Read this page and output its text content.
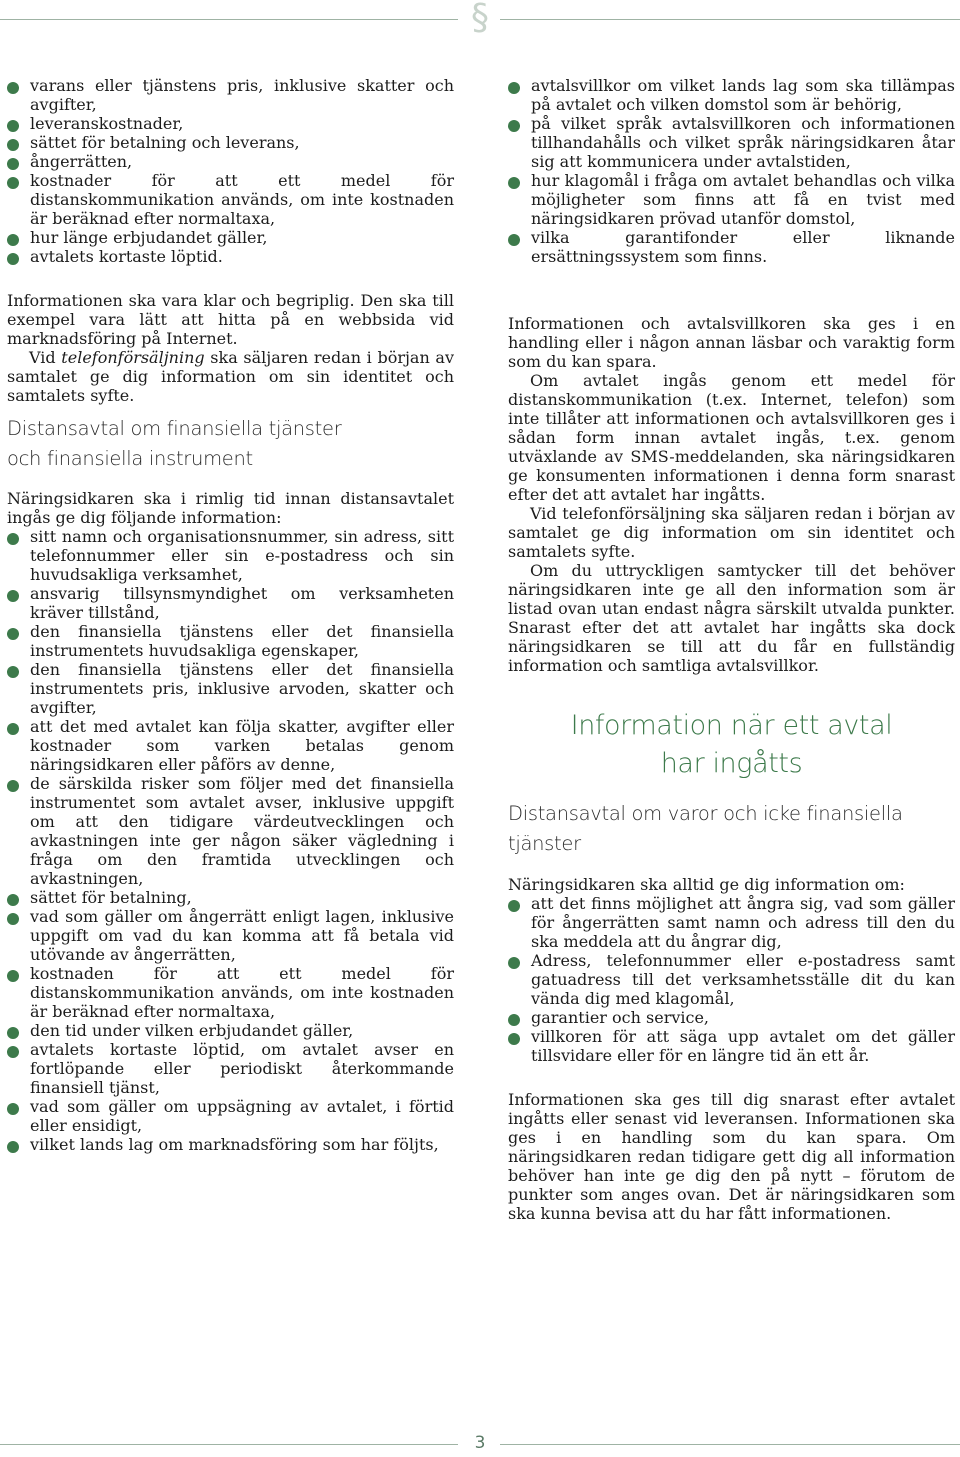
§
varans eller tjänstens pris, inklusive skatter och avgifter,
leveranskostnader,
sättet för betalning och leverans,
ångerrätten,
kostnader för att ett medel för distanskommunikation används, om inte kostnaden är beräknad efter normaltaxa,
hur länge erbjudandet gäller,
avtalets kortaste löptid.

Informationen ska vara klar och begriplig. Den ska till exempel vara lätt att hitta på en webbsida vid marknadsföring på Internet.

Vid telefonförsäljning ska säljaren redan i början av samtalet ge dig information om sin identitet och samtalets syfte.

Distansavtal om finansiella tjänster
och finansiella instrument

Näringsidkaren ska i rimlig tid innan distansavtalet ingås ge dig följande information:

sitt namn och organisationsnummer, sin adress, sitt telefonnummer eller sin e-postadress och sin huvudsakliga verksamhet,
ansvarig tillsynsmyndighet om verksamheten kräver tillstånd,
den finansiella tjänstens eller det finansiella instrumentets huvudsakliga egenskaper,
den finansiella tjänstens eller det finansiella instrumentets pris, inklusive arvoden, skatter och avgifter,
att det med avtalet kan följa skatter, avgifter eller kostnader som varken betalas genom näringsidkaren eller påförs av denne,
de särskilda risker som följer med det finansiella instrumentet som avtalet avser, inklusive uppgift om att den tidigare värdeutvecklingen och avkastningen inte ger någon säker vägledning i fråga om den framtida utvecklingen och avkastningen,
sättet för betalning,
vad som gäller om ångerrätt enligt lagen, inklusive uppgift om vad du kan komma att få betala vid utövande av ångerrätten,
kostnaden för att ett medel för distanskommunikation används, om inte kostnaden är beräknad efter normaltaxa,
den tid under vilken erbjudandet gäller,
avtalets kortaste löptid, om avtalet avser en fortlöpande eller periodiskt återkommande finansiell tjänst,
vad som gäller om uppsägning av avtalet, i förtid eller ensidigt,
vilket lands lag om marknadsföring som har följts,
avtalsvillkor om vilket lands lag som ska tillämpas på avtalet och vilken domstol som är behörig,
på vilket språk avtalsvillkoren och informationen tillhandahålls och vilket språk näringsidkaren åtar sig att kommunicera under avtalstiden,
hur klagomål i fråga om avtalet behandlas och vilka möjligheter som finns att få en tvist med näringsidkaren prövad utanför domstol,
vilka garantifonder eller liknande ersättningssystem som finns.

Informationen och avtalsvillkoren ska ges i en handling eller i någon annan läsbar och varaktig form som du kan spara.

Om avtalet ingås genom ett medel för distanskommunikation (t.ex. Internet, telefon) som inte tillåter att informationen och avtalsvillkoren ges i sådan form innan avtalet ingås, t.ex. genom utväxlande av SMS-meddelanden, ska näringsidkaren ge konsumenten informationen i denna form snarast efter det att avtalet har ingåtts.

Vid telefonförsäljning ska säljaren redan i början av samtalet ge dig information om sin identitet och samtalets syfte.

Om du uttryckligen samtycker till det behöver näringsidkaren inte ge all den information som är listad ovan utan endast några särskilt utvalda punkter. Snarast efter det att avtalet har ingåtts ska dock näringsidkaren se till att du får en fullständig information och samtliga avtalsvillkor.

Information när ett avtal
har ingåtts
Distansavtal om varor och icke finansiella tjänster

Näringsidkaren ska alltid ge dig information om:

att det finns möjlighet att ångra sig, vad som gäller för ångerrätten samt namn och adress till den du ska meddela att du ångrar dig,
Adress, telefonnummer eller e-postadress samt gatuadress till det verksamhetsställe dit du kan vända dig med klagomål,
garantier och service,
villkoren för att säga upp avtalet om det gäller tillsvidare eller för en längre tid än ett år.

Informationen ska ges till dig snarast efter avtalet ingåtts eller senast vid leveransen. Informationen ska ges i en handling som du kan spara. Om näringsidkaren redan tidigare gett dig all information behöver han inte ge dig den på nytt – förutom de punkter som anges ovan. Det är näringsidkaren som ska kunna bevisa att du har fått informationen.

3
